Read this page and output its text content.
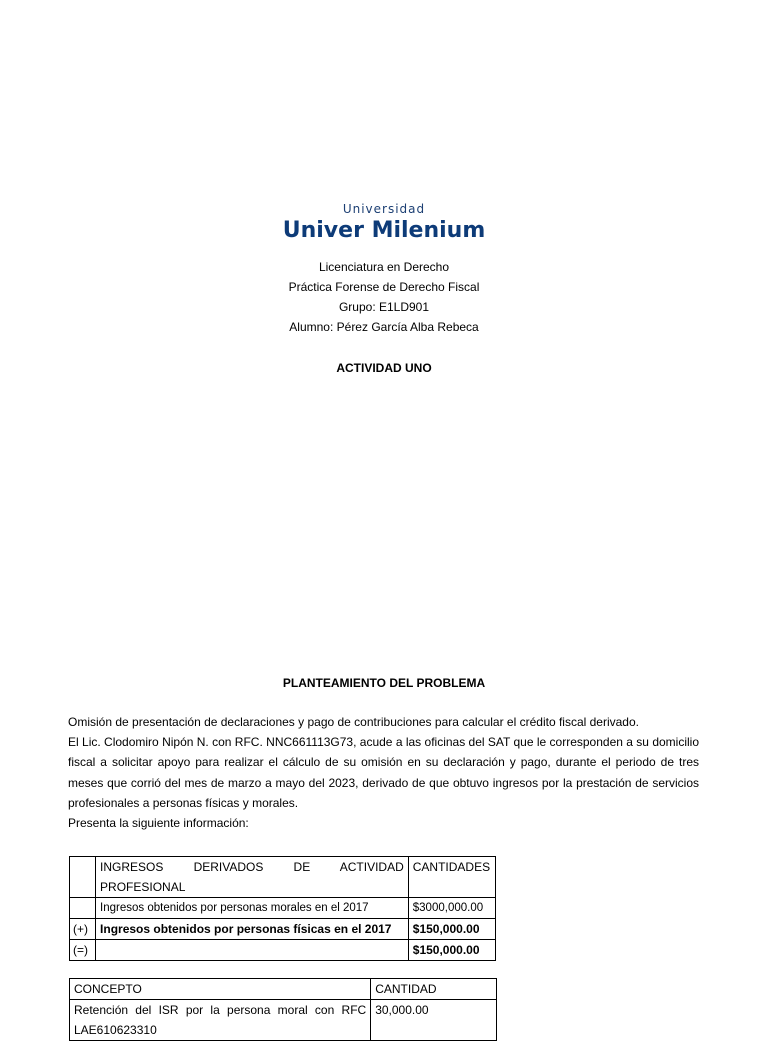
Universidad
Univer Milenium
Licenciatura en Derecho
Práctica Forense de Derecho Fiscal
Grupo: E1LD901
Alumno: Pérez García Alba Rebeca
ACTIVIDAD UNO
PLANTEAMIENTO DEL PROBLEMA

Omisión de presentación de declaraciones y pago de contribuciones para calcular el crédito fiscal derivado.

El Lic. Clodomiro Nipón N. con RFC. NNC661113G73, acude a las oficinas del SAT que le corresponden a su domicilio fiscal a solicitar apoyo para realizar el cálculo de su omisión en su declaración y pago, durante el periodo de tres meses que corrió del mes de marzo a mayo del 2023, derivado de que obtuvo ingresos por la prestación de servicios profesionales a personas físicas y morales.

Presenta la siguiente información:

	INGRESOS DERIVADOS DE ACTIVIDAD
PROFESIONAL	CANTIDADES
	Ingresos obtenidos por personas morales en el 2017	$3000,000.00
(+)	Ingresos obtenidos por personas físicas en el 2017	$150,000.00
(=)		$150,000.00
CONCEPTO	CANTIDAD

Retención del ISR por la persona moral con RFC
LAE610623310	30,000.00
